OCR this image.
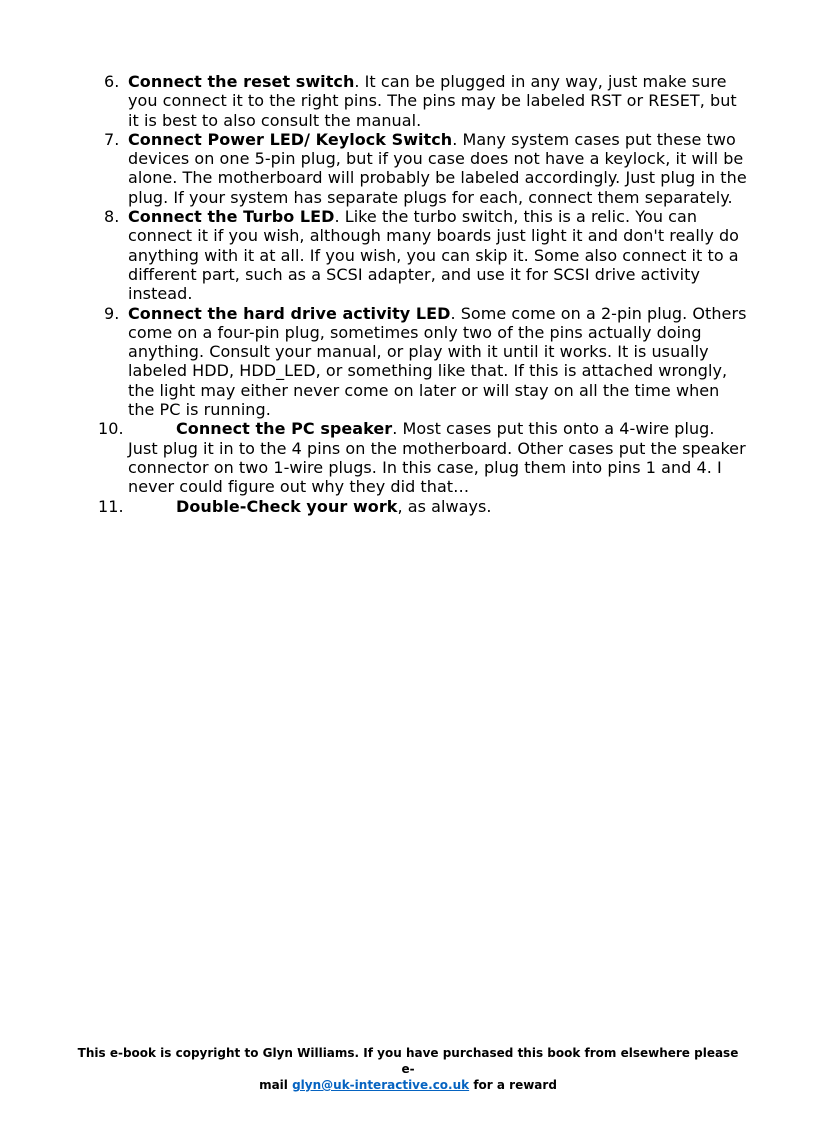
6. Connect the reset switch. It can be plugged in any way, just make sure you connect it to the right pins. The pins may be labeled RST or RESET, but it is best to also consult the manual.
7. Connect Power LED/ Keylock Switch. Many system cases put these two devices on one 5-pin plug, but if you case does not have a keylock, it will be alone. The motherboard will probably be labeled accordingly. Just plug in the plug. If your system has separate plugs for each, connect them separately.
8. Connect the Turbo LED. Like the turbo switch, this is a relic. You can connect it if you wish, although many boards just light it and don't really do anything with it at all. If you wish, you can skip it. Some also connect it to a different part, such as a SCSI adapter, and use it for SCSI drive activity instead.
9. Connect the hard drive activity LED. Some come on a 2-pin plug. Others come on a four-pin plug, sometimes only two of the pins actually doing anything. Consult your manual, or play with it until it works. It is usually labeled HDD, HDD_LED, or something like that. If this is attached wrongly, the light may either never come on later or will stay on all the time when the PC is running.
10.	Connect the PC speaker. Most cases put this onto a 4-wire plug. Just plug it in to the 4 pins on the motherboard. Other cases put the speaker connector on two 1-wire plugs. In this case, plug them into pins 1 and 4. I never could figure out why they did that…
11.	Double-Check your work, as always.
This e-book is copyright to Glyn Williams. If you have purchased this book from elsewhere please e-
mail glyn@uk-interactive.co.uk for a reward
